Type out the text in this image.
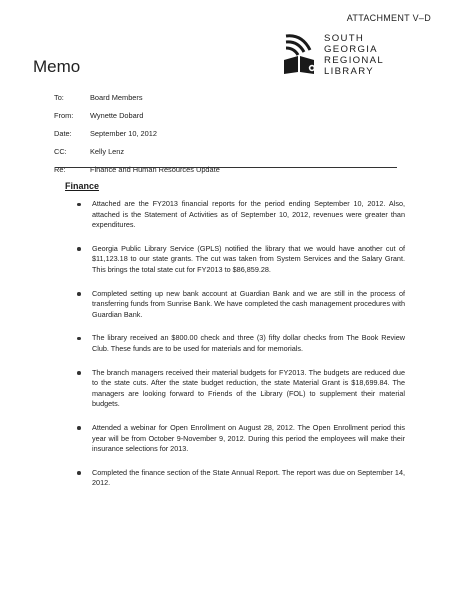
ATTACHMENT V–D
SOUTH
GEORGIA
REGIONAL
LIBRARY
Memo
To:	Board Members
From:	Wynette Dobard
Date:	September 10, 2012
CC:	Kelly Lenz
Re:	Finance and Human Resources Update
Finance
Attached are the FY2013 financial reports for the period ending September 10, 2012. Also, attached is the Statement of Activities as of September 10, 2012, revenues were greater than expenditures.
Georgia Public Library Service (GPLS) notified the library that we would have another cut of $11,123.18 to our state grants. The cut was taken from System Services and the Salary Grant. This brings the total state cut for FY2013 to $86,859.28.
Completed setting up new bank account at Guardian Bank and we are still in the process of transferring funds from Sunrise Bank. We have completed the cash management procedures with Guardian Bank.
The library received an $800.00 check and three (3) fifty dollar checks from The Book Review Club. These funds are to be used for materials and for memorials.
The branch managers received their material budgets for FY2013. The budgets are reduced due to the state cuts. After the state budget reduction, the state Material Grant is $18,699.84. The managers are looking forward to Friends of the Library (FOL) to supplement their material budgets.
Attended a webinar for Open Enrollment on August 28, 2012. The Open Enrollment period this year will be from October 9-November 9, 2012. During this period the employees will make their insurance selections for 2013.
Completed the finance section of the State Annual Report. The report was due on September 14, 2012.
